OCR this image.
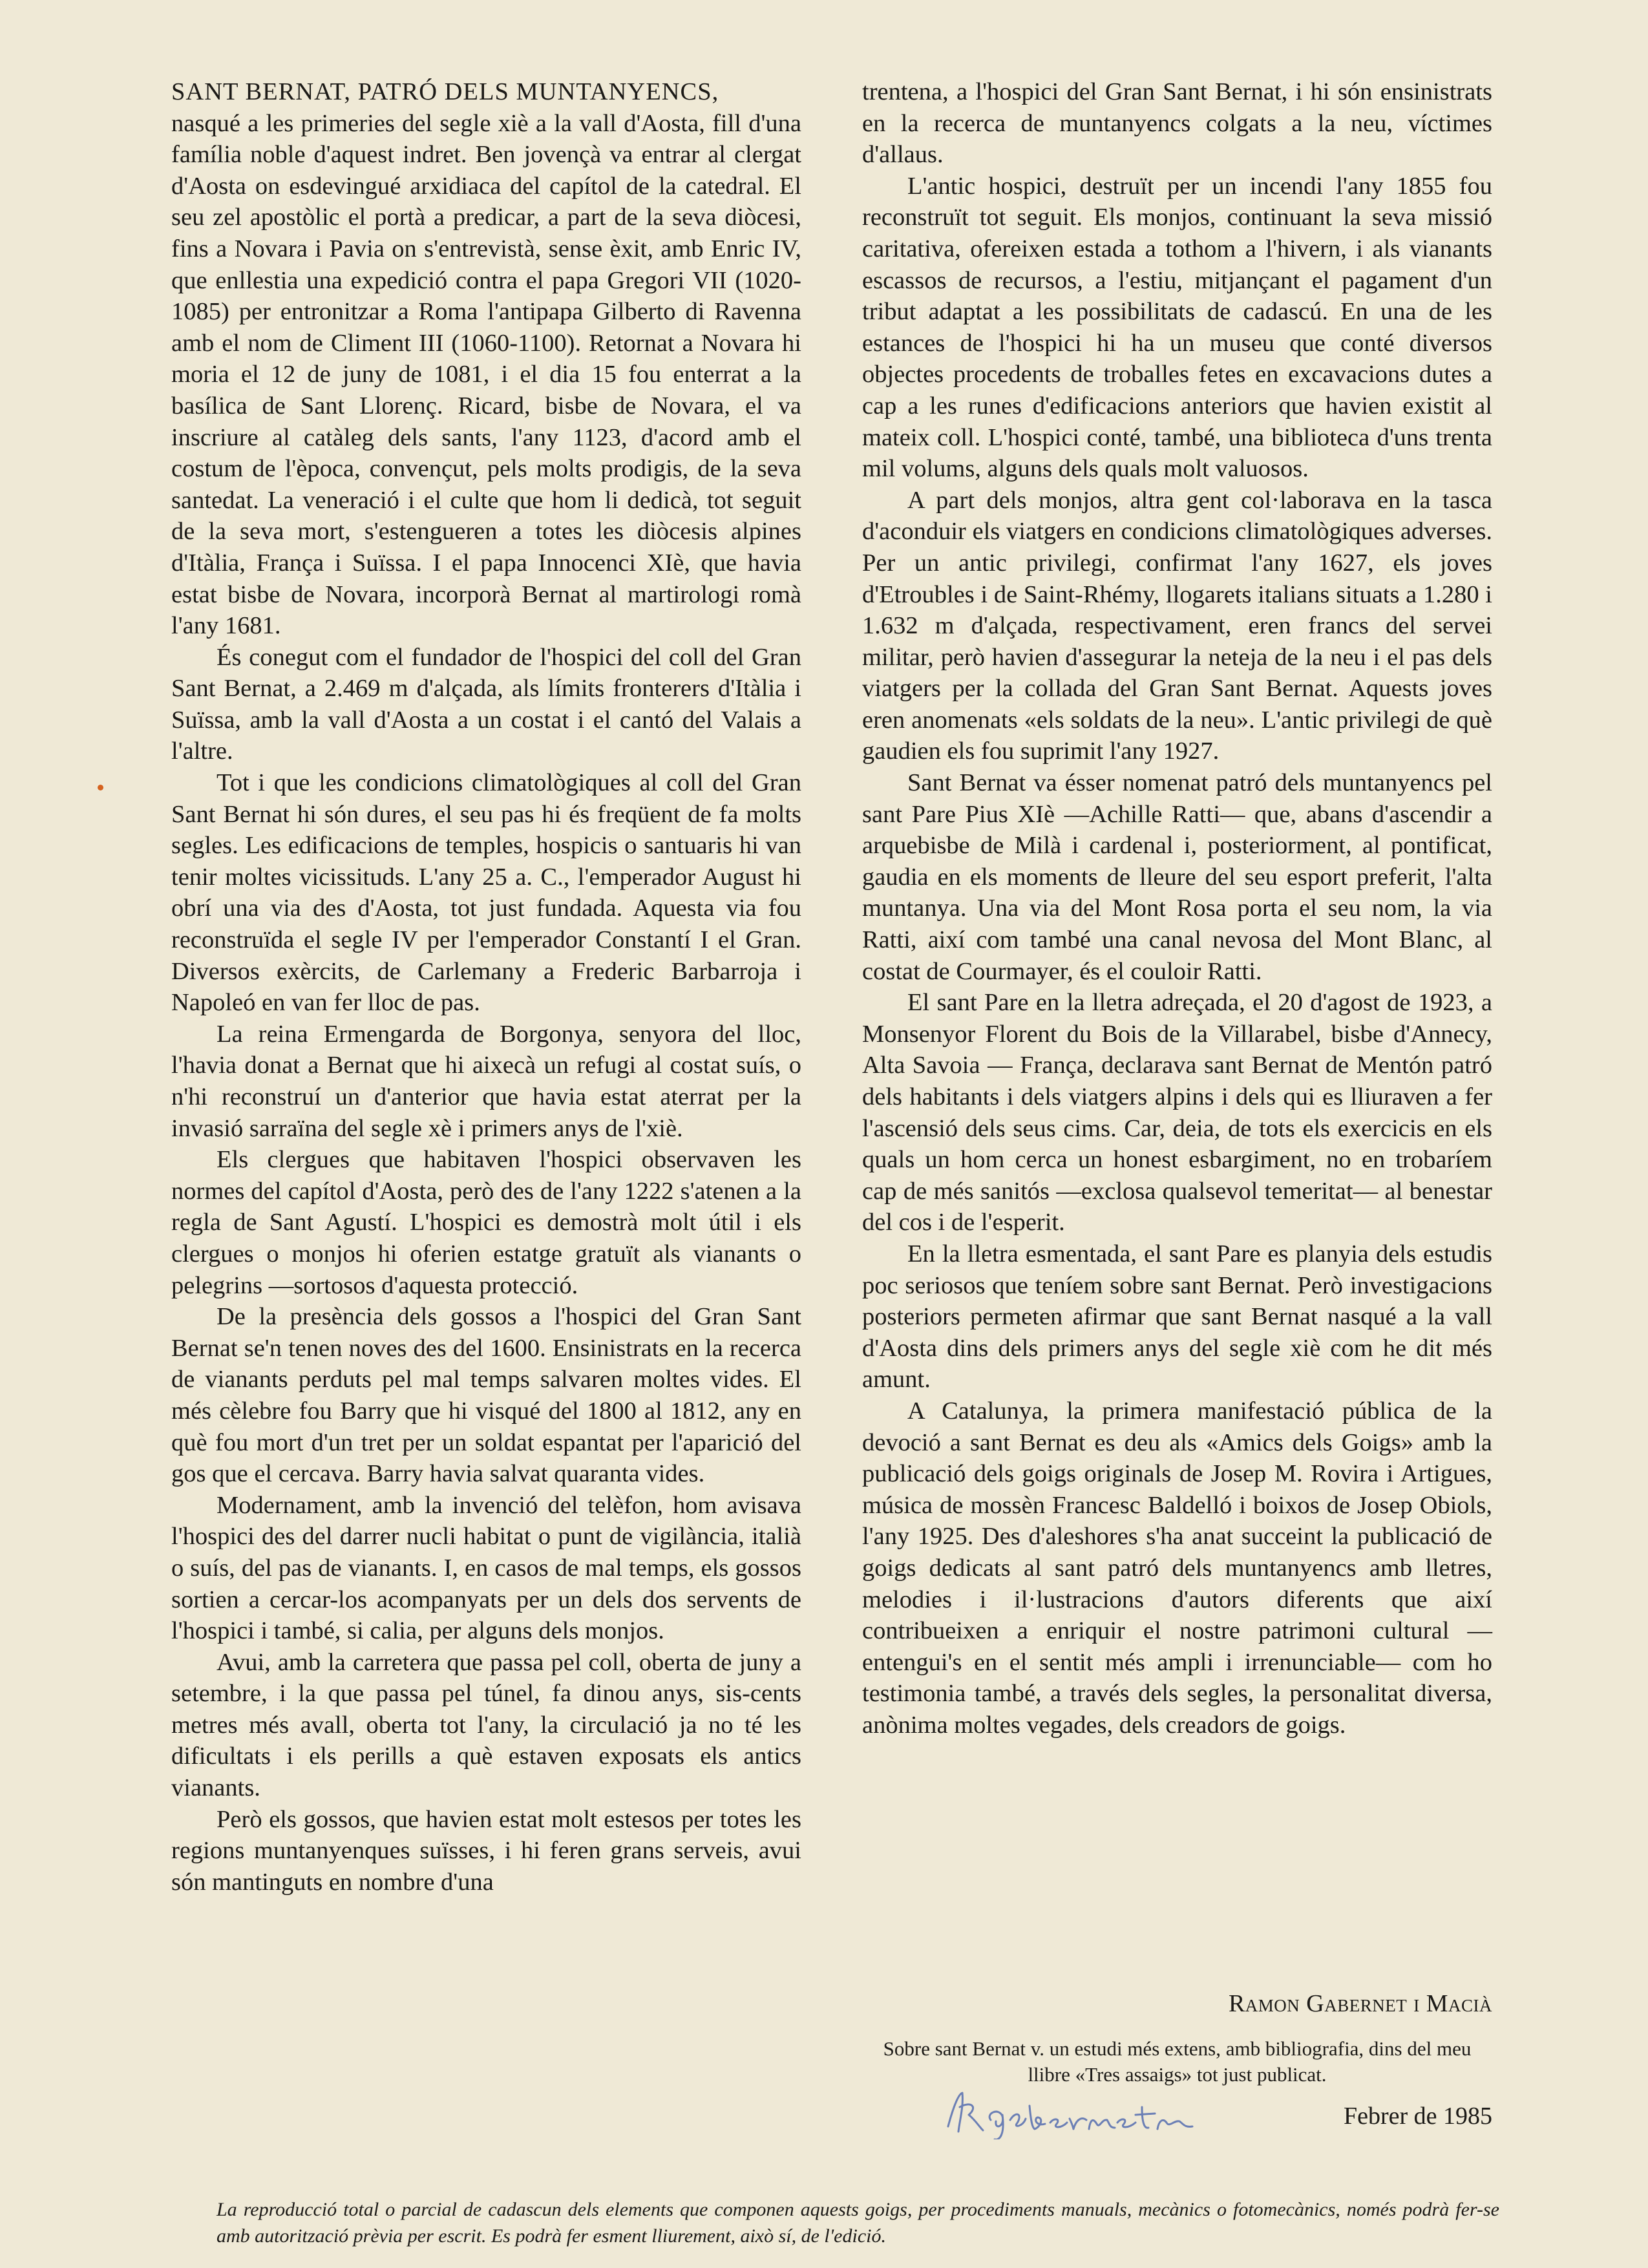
SANT BERNAT, PATRÓ DELS MUNTANYENCS,

nasqué a les primeries del segle xiè a la vall d'Aosta, fill d'una família noble d'aquest indret. Ben jovençà va entrar al clergat d'Aosta on esdevingué arxidiaca del capítol de la catedral. El seu zel apostòlic el portà a predicar, a part de la seva diòcesi, fins a Novara i Pavia on s'entrevistà, sense èxit, amb Enric IV, que enllestia una expedició contra el papa Gregori VII (1020-1085) per entronitzar a Roma l'antipapa Gilberto di Ravenna amb el nom de Climent III (1060-1100). Retornat a Novara hi moria el 12 de juny de 1081, i el dia 15 fou enterrat a la basílica de Sant Llorenç. Ricard, bisbe de Novara, el va inscriure al catàleg dels sants, l'any 1123, d'acord amb el costum de l'època, convençut, pels molts prodigis, de la seva santedat. La veneració i el culte que hom li dedicà, tot seguit de la seva mort, s'estengueren a totes les diòcesis alpines d'Itàlia, França i Suïssa. I el papa Innocenci XIè, que havia estat bisbe de Novara, incorporà Bernat al martirologi romà l'any 1681.

És conegut com el fundador de l'hospici del coll del Gran Sant Bernat, a 2.469 m d'alçada, als límits fronterers d'Itàlia i Suïssa, amb la vall d'Aosta a un costat i el cantó del Valais a l'altre.

Tot i que les condicions climatològiques al coll del Gran Sant Bernat hi són dures, el seu pas hi és freqüent de fa molts segles. Les edificacions de temples, hospicis o santuaris hi van tenir moltes vicissituds. L'any 25 a. C., l'emperador August hi obrí una via des d'Aosta, tot just fundada. Aquesta via fou reconstruïda el segle IV per l'emperador Constantí I el Gran. Diversos exèrcits, de Carlemany a Frederic Barbarroja i Napoleó en van fer lloc de pas.

La reina Ermengarda de Borgonya, senyora del lloc, l'havia donat a Bernat que hi aixecà un refugi al costat suís, o n'hi reconstruí un d'anterior que havia estat aterrat per la invasió sarraïna del segle xè i primers anys de l'xiè.

Els clergues que habitaven l'hospici observaven les normes del capítol d'Aosta, però des de l'any 1222 s'atenen a la regla de Sant Agustí. L'hospici es demostrà molt útil i els clergues o monjos hi oferien estatge gratuït als vianants o pelegrins —sortosos d'aquesta protecció.

De la presència dels gossos a l'hospici del Gran Sant Bernat se'n tenen noves des del 1600. Ensinistrats en la recerca de vianants perduts pel mal temps salvaren moltes vides. El més cèlebre fou Barry que hi visqué del 1800 al 1812, any en què fou mort d'un tret per un soldat espantat per l'aparició del gos que el cercava. Barry havia salvat quaranta vides.

Modernament, amb la invenció del telèfon, hom avisava l'hospici des del darrer nucli habitat o punt de vigilància, italià o suís, del pas de vianants. I, en casos de mal temps, els gossos sortien a cercar-los acompanyats per un dels dos servents de l'hospici i també, si calia, per alguns dels monjos.

Avui, amb la carretera que passa pel coll, oberta de juny a setembre, i la que passa pel túnel, fa dinou anys, sis-cents metres més avall, oberta tot l'any, la circulació ja no té les dificultats i els perills a què estaven exposats els antics vianants.

Però els gossos, que havien estat molt estesos per totes les regions muntanyenques suïsses, i hi feren grans serveis, avui són mantinguts en nombre d'una

trentena, a l'hospici del Gran Sant Bernat, i hi són ensinistrats en la recerca de muntanyencs colgats a la neu, víctimes d'allaus.

L'antic hospici, destruït per un incendi l'any 1855 fou reconstruït tot seguit. Els monjos, continuant la seva missió caritativa, ofereixen estada a tothom a l'hivern, i als vianants escassos de recursos, a l'estiu, mitjançant el pagament d'un tribut adaptat a les possibilitats de cadascú. En una de les estances de l'hospici hi ha un museu que conté diversos objectes procedents de troballes fetes en excavacions dutes a cap a les runes d'edificacions anteriors que havien existit al mateix coll. L'hospici conté, també, una biblioteca d'uns trenta mil volums, alguns dels quals molt valuosos.

A part dels monjos, altra gent col·laborava en la tasca d'aconduir els viatgers en condicions climatològiques adverses. Per un antic privilegi, confirmat l'any 1627, els joves d'Etroubles i de Saint-Rhémy, llogarets italians situats a 1.280 i 1.632 m d'alçada, respectivament, eren francs del servei militar, però havien d'assegurar la neteja de la neu i el pas dels viatgers per la collada del Gran Sant Bernat. Aquests joves eren anomenats «els soldats de la neu». L'antic privilegi de què gaudien els fou suprimit l'any 1927.

Sant Bernat va ésser nomenat patró dels muntanyencs pel sant Pare Pius XIè —Achille Ratti— que, abans d'ascendir a arquebisbe de Milà i cardenal i, posteriorment, al pontificat, gaudia en els moments de lleure del seu esport preferit, l'alta muntanya. Una via del Mont Rosa porta el seu nom, la via Ratti, així com també una canal nevosa del Mont Blanc, al costat de Courmayer, és el couloir Ratti.

El sant Pare en la lletra adreçada, el 20 d'agost de 1923, a Monsenyor Florent du Bois de la Villarabel, bisbe d'Annecy, Alta Savoia — França, declarava sant Bernat de Mentón patró dels habitants i dels viatgers alpins i dels qui es lliuraven a fer l'ascensió dels seus cims. Car, deia, de tots els exercicis en els quals un hom cerca un honest esbargiment, no en trobaríem cap de més sanitós —exclosa qualsevol temeritat— al benestar del cos i de l'esperit.

En la lletra esmentada, el sant Pare es planyia dels estudis poc seriosos que teníem sobre sant Bernat. Però investigacions posteriors permeten afirmar que sant Bernat nasqué a la vall d'Aosta dins dels primers anys del segle xiè com he dit més amunt.

A Catalunya, la primera manifestació pública de la devoció a sant Bernat es deu als «Amics dels Goigs» amb la publicació dels goigs originals de Josep M. Rovira i Artigues, música de mossèn Francesc Baldelló i boixos de Josep Obiols, l'any 1925. Des d'aleshores s'ha anat succeint la publicació de goigs dedicats al sant patró dels muntanyencs amb lletres, melodies i il·lustracions d'autors diferents que així contribueixen a enriquir el nostre patrimoni cultural —entengui's en el sentit més ampli i irrenunciable— com ho testimonia també, a través dels segles, la personalitat diversa, anònima moltes vegades, dels creadors de goigs.

Ramon Gabernet i Macià
Sobre sant Bernat v. un estudi més extens, amb bibliografia, dins del meu llibre «Tres assaigs» tot just publicat.
Febrer de 1985
La reproducció total o parcial de cadascun dels elements que componen aquests goigs, per procediments manuals, mecànics o fotomecànics, només podrà fer-se amb autorització prèvia per escrit. Es podrà fer esment lliurement, això sí, de l'edició.
